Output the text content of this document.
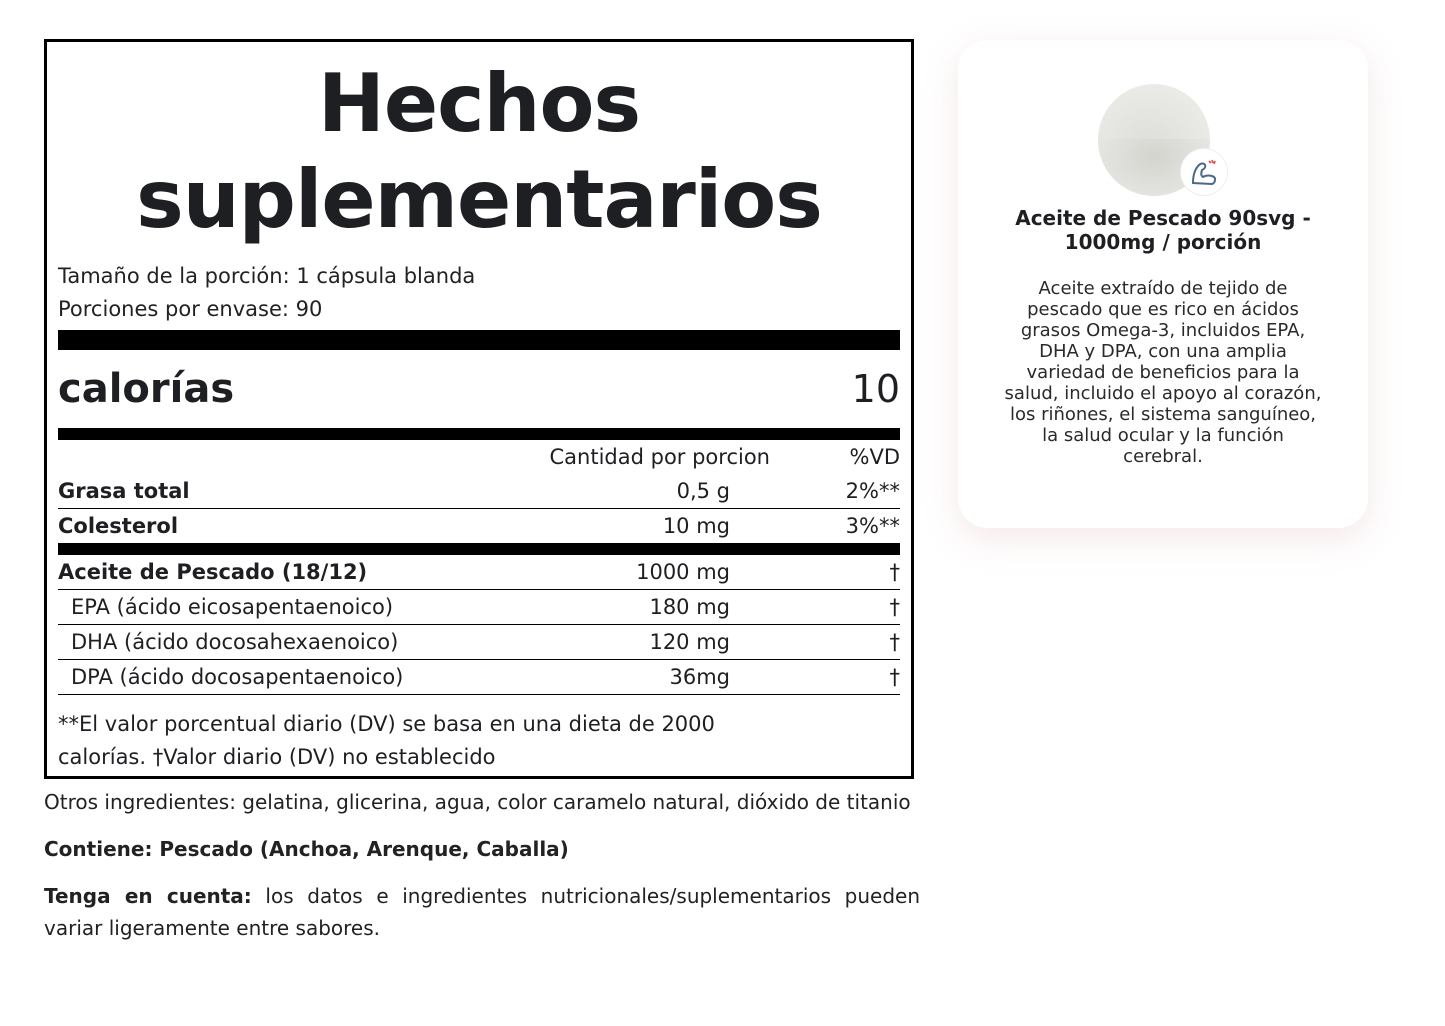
Hechos
suplementarios
Tamaño de la porción: 1 cápsula blanda
Porciones por envase: 90
calorías	10
Cantidad por porcion	%VD
Grasa total	0,5 g	2%**
Colesterol	10 mg	3%**
Aceite de Pescado (18/12)	1000 mg	†
EPA (ácido eicosapentaenoico)	180 mg	†
DHA (ácido docosahexaenoico)	120 mg	†
DPA (ácido docosapentaenoico)	36mg	†
**El valor porcentual diario (DV) se basa en una dieta de 2000
calorías. †Valor diario (DV) no establecido

Otros ingredientes: gelatina, glicerina, agua, color caramelo natural, dióxido de titanio

Contiene: Pescado (Anchoa, Arenque, Caballa)

Tenga en cuenta: los datos e ingredientes nutricionales/suplementarios pueden variar ligeramente entre sabores.

Aceite de Pescado 90svg - 1000mg / porción
Aceite extraído de tejido de pescado que es rico en ácidos grasos Omega-3, incluidos EPA, DHA y DPA, con una amplia variedad de beneficios para la salud, incluido el apoyo al corazón, los riñones, el sistema sanguíneo, la salud ocular y la función cerebral.
